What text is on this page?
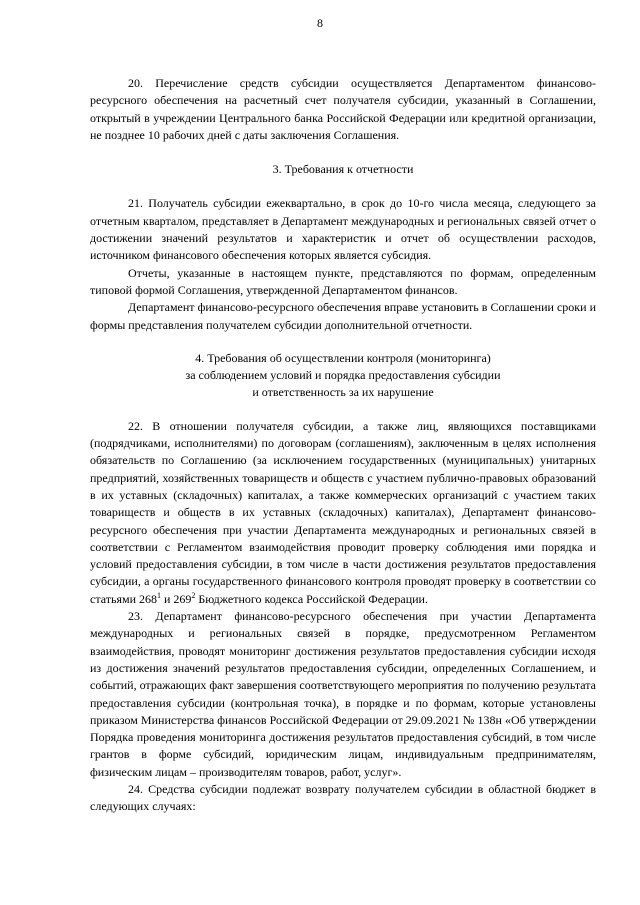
8

20. Перечисление средств субсидии осуществляется Департаментом финансово-ресурсного обеспечения на расчетный счет получателя субсидии, указанный в Соглашении, открытый в учреждении Центрального банка Российской Федерации или кредитной организации, не позднее 10 рабочих дней с даты заключения Соглашения.

3. Требования к отчетности

21. Получатель субсидии ежеквартально, в срок до 10-го числа месяца, следующего за отчетным кварталом, представляет в Департамент международных и региональных связей отчет о достижении значений результатов и характеристик и отчет об осуществлении расходов, источником финансового обеспечения которых является субсидия.

Отчеты, указанные в настоящем пункте, представляются по формам, определенным типовой формой Соглашения, утвержденной Департаментом финансов.

Департамент финансово-ресурсного обеспечения вправе установить в Соглашении сроки и формы представления получателем субсидии дополнительной отчетности.

4. Требования об осуществлении контроля (мониторинга)
за соблюдением условий и порядка предоставления субсидии
и ответственность за их нарушение

22. В отношении получателя субсидии, а также лиц, являющихся поставщиками (подрядчиками, исполнителями) по договорам (соглашениям), заключенным в целях исполнения обязательств по Соглашению (за исключением государственных (муниципальных) унитарных предприятий, хозяйственных товариществ и обществ с участием публично-правовых образований в их уставных (складочных) капиталах, а также коммерческих организаций с участием таких товариществ и обществ в их уставных (складочных) капиталах), Департамент финансово-ресурсного обеспечения при участии Департамента международных и региональных связей в соответствии с Регламентом взаимодействия проводит проверку соблюдения ими порядка и условий предоставления субсидии, в том числе в части достижения результатов предоставления субсидии, а органы государственного финансового контроля проводят проверку в соответствии со статьями $268^1$ и $269^2$ Бюджетного кодекса Российской Федерации.

23. Департамент финансово-ресурсного обеспечения при участии Департамента международных и региональных связей в порядке, предусмотренном Регламентом взаимодействия, проводят мониторинг достижения результатов предоставления субсидии исходя из достижения значений результатов предоставления субсидии, определенных Соглашением, и событий, отражающих факт завершения соответствующего мероприятия по получению результата предоставления субсидии (контрольная точка), в порядке и по формам, которые установлены приказом Министерства финансов Российской Федерации от 29.09.2021 № 138н «Об утверждении Порядка проведения мониторинга достижения результатов предоставления субсидий, в том числе грантов в форме субсидий, юридическим лицам, индивидуальным предпринимателям, физическим лицам – производителям товаров, работ, услуг».

24. Средства субсидии подлежат возврату получателем субсидии в областной бюджет в следующих случаях:
